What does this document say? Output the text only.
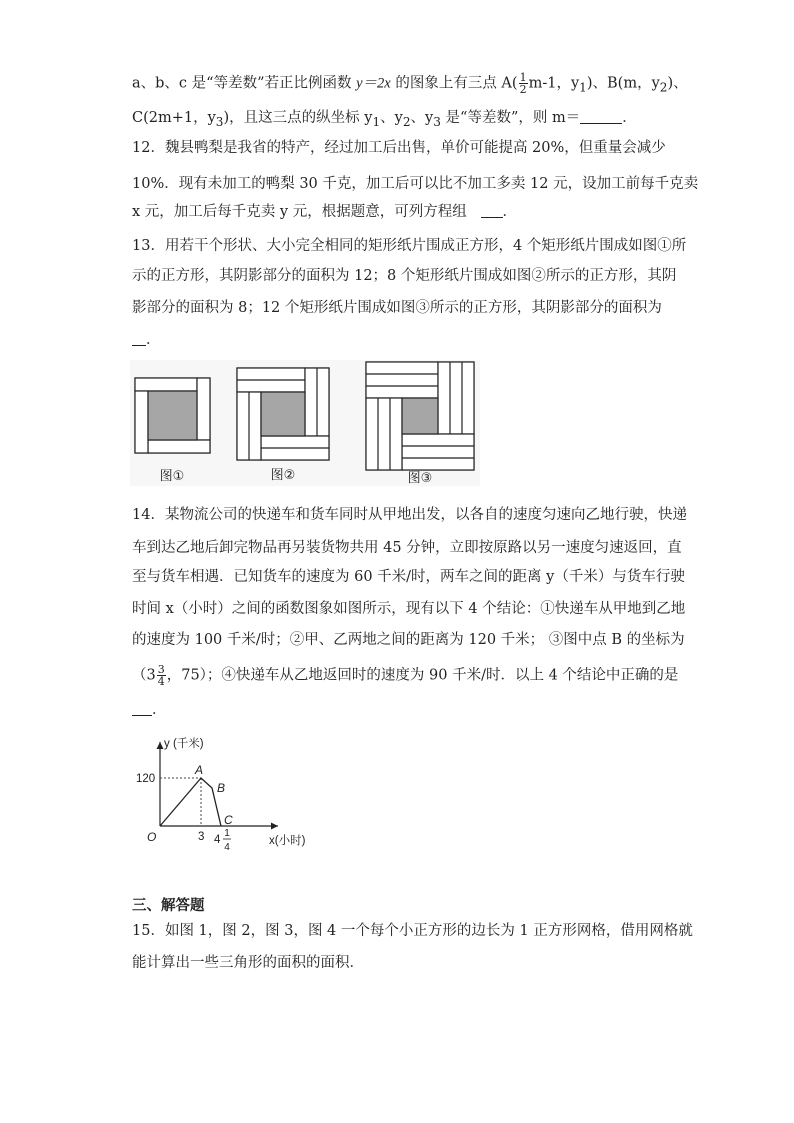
a、b、c 是“等差数”若正比例函数 y＝2x 的图象上有三点 $A( \frac{1}{2} m-1$，$y_1$)、B(m，$y_2$)、
C(2m+1，$y_3$)，且这三点的纵坐标 $y_1$、$y_2$、$y_3$ 是“等差数”，则 m＝	．
12．魏县鸭梨是我省的特产，经过加工后出售，单价可能提高 20%，但重量会减少
10%．现有未加工的鸭梨 30 千克，加工后可以比不加工多卖 12 元，设加工前每千克卖
x 元，加工后每千克卖 y 元，根据题意，可列方程组 ．
13．用若干个形状、大小完全相同的矩形纸片围成正方形，4 个矩形纸片围成如图①所
示的正方形，其阴影部分的面积为 12；8 个矩形纸片围成如图②所示的正方形，其阴
影部分的面积为 8；12 个矩形纸片围成如图③所示的正方形，其阴影部分的面积为
．
图①	图②	图③
14．某物流公司的快递车和货车同时从甲地出发，以各自的速度匀速向乙地行驶，快递
车到达乙地后卸完物品再另装货物共用 45 分钟，立即按原路以另一速度匀速返回，直
至与货车相遇．已知货车的速度为 60 千米/时，两车之间的距离 y（千米）与货车行驶
时间 x（小时）之间的函数图象如图所示，现有以下 4 个结论：①快递车从甲地到乙地
的速度为 100 千米/时；②甲、乙两地之间的距离为 120 千米； ③图中点 B 的坐标为
（$3 \frac{3}{4}$ ，75）；④快递车从乙地返回时的速度为 90 千米/时．以上 4 个结论中正确的是
．
y (千米)
x(小时)
120
3 4
1
4
O
A
B
C
三、解答题
15．如图 1，图 2，图 3，图 4 一个每个小正方形的边长为 1 正方形网格，借用网格就
能计算出一些三角形的面积的面积．
